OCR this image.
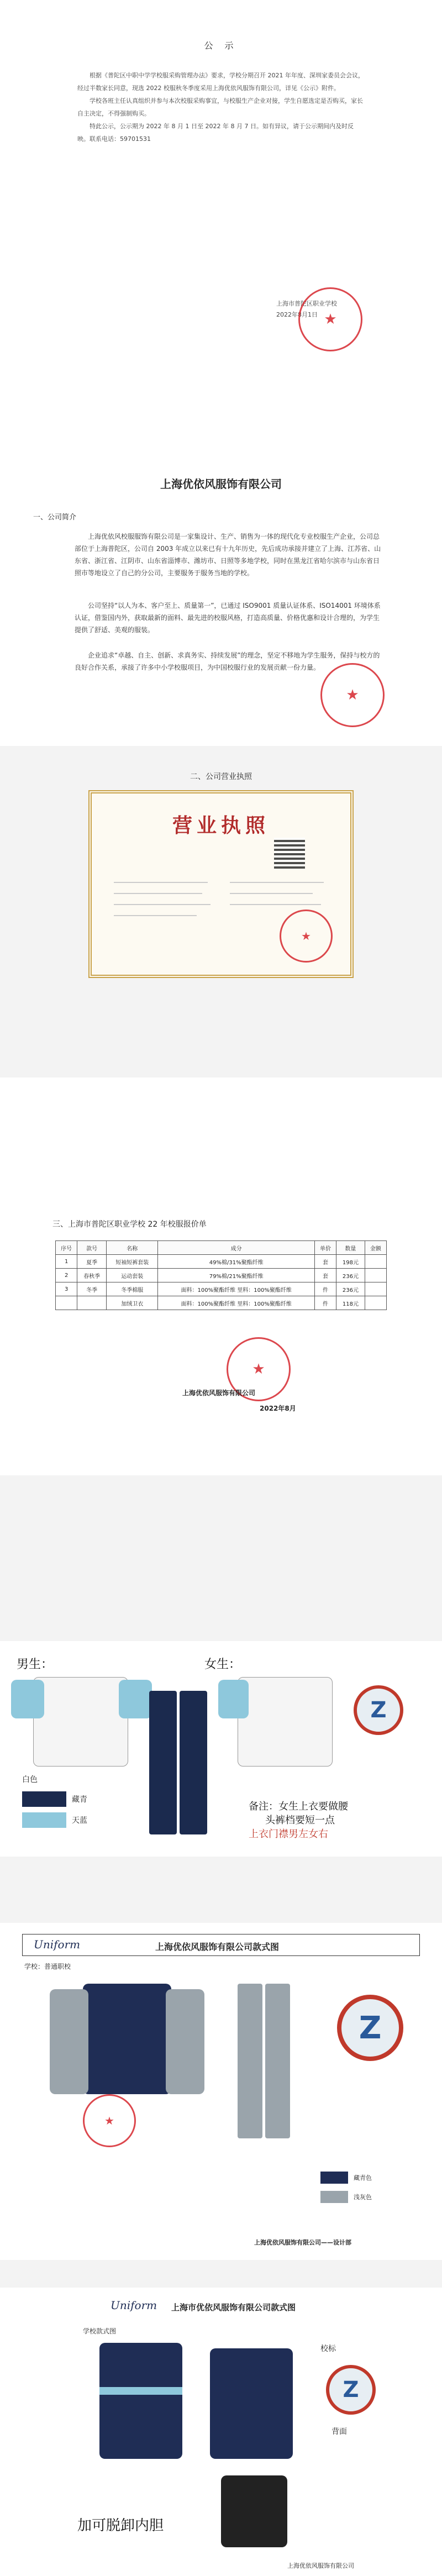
公 示

根据《普陀区中职中学学校服采购管理办法》要求，学校分期召开 2021 年年度、深圳家委员会会议，经过半数家长同意，现选 2022 校服秋冬季度采用上海优依风服饰有限公司，详见《公示》附件。

学校各班主任认真组织并参与本次校服采购事宜，与校服生产企业对接，学生自愿选定是否购买，家长自主决定，不得强制购买。

特此公示，公示期为 2022 年 8 月 1 日至 2022 年 8 月 7 日。如有异议，请于公示期间内及时反映。联系电话：59701531

上海市普陀区职业学校
2022年8月1日 ★
上海优依风服饰有限公司
一、公司简介

上海优依风校服服饰有限公司是一家集设计、生产、销售为一体的现代化专业校服生产企业，公司总部位于上海普陀区，公司自 2003 年成立以来已有十九年历史，先后成功承接并建立了上海、江苏省、山东省、浙江省、江阴市、山东省淄博市、潍坊市、日照等多地学校，同时在黑龙江省哈尔滨市与山东省日照市等地设立了自己的分公司，主要服务于服务当地的学校。

公司坚持“以人为本、客户至上、质量第一”，已通过 ISO9001 质量认证体系、ISO14001 环境体系认证，借鉴国内外，获取最新的面料、最先进的校服风格，打造高质量、价格优惠和设计合理的，为学生提供了舒适、美观的服装。

企业追求“卓越、自主、创新、求真务实、持续发展”的理念，坚定不移地为学生服务，保持与校方的良好合作关系，承接了许多中小学校服项目，为中国校服行业的发展贡献一份力量。

★
二、公司营业执照
营业执照
★
三、上海市普陀区职业学校 22 年校服报价单
序号	款号	名称	成分	单价	数量	金额
1	夏季	短袖短裤套装	49%棉/31%聚酯纤维	套	198元	
2	春秋季	运动套装	79%棉/21%聚酯纤维	套	236元	
3	冬季	冬季棉服	面料：100%聚酯纤维 里料：100%聚酯纤维	件	236元	
		加绒卫衣	面料：100%聚酯纤维 里料：100%聚酯纤维	件	118元	
★
上海优依风服饰有限公司
2022年8月
男生：	女生：
Z
白色
藏青
天蓝
备注：女生上衣要做腰
头裤档要短一点
上衣门襟男左女右
Uniform	上海优依风服饰有限公司款式图
学校：普通职校
Z
★
藏青色
浅灰色
上海优依风服饰有限公司——设计部
Uniform 上海市优依风服饰有限公司款式图
学校款式图
校标
Z
背面
加可脱卸内胆
上海优依风服饰有限公司
